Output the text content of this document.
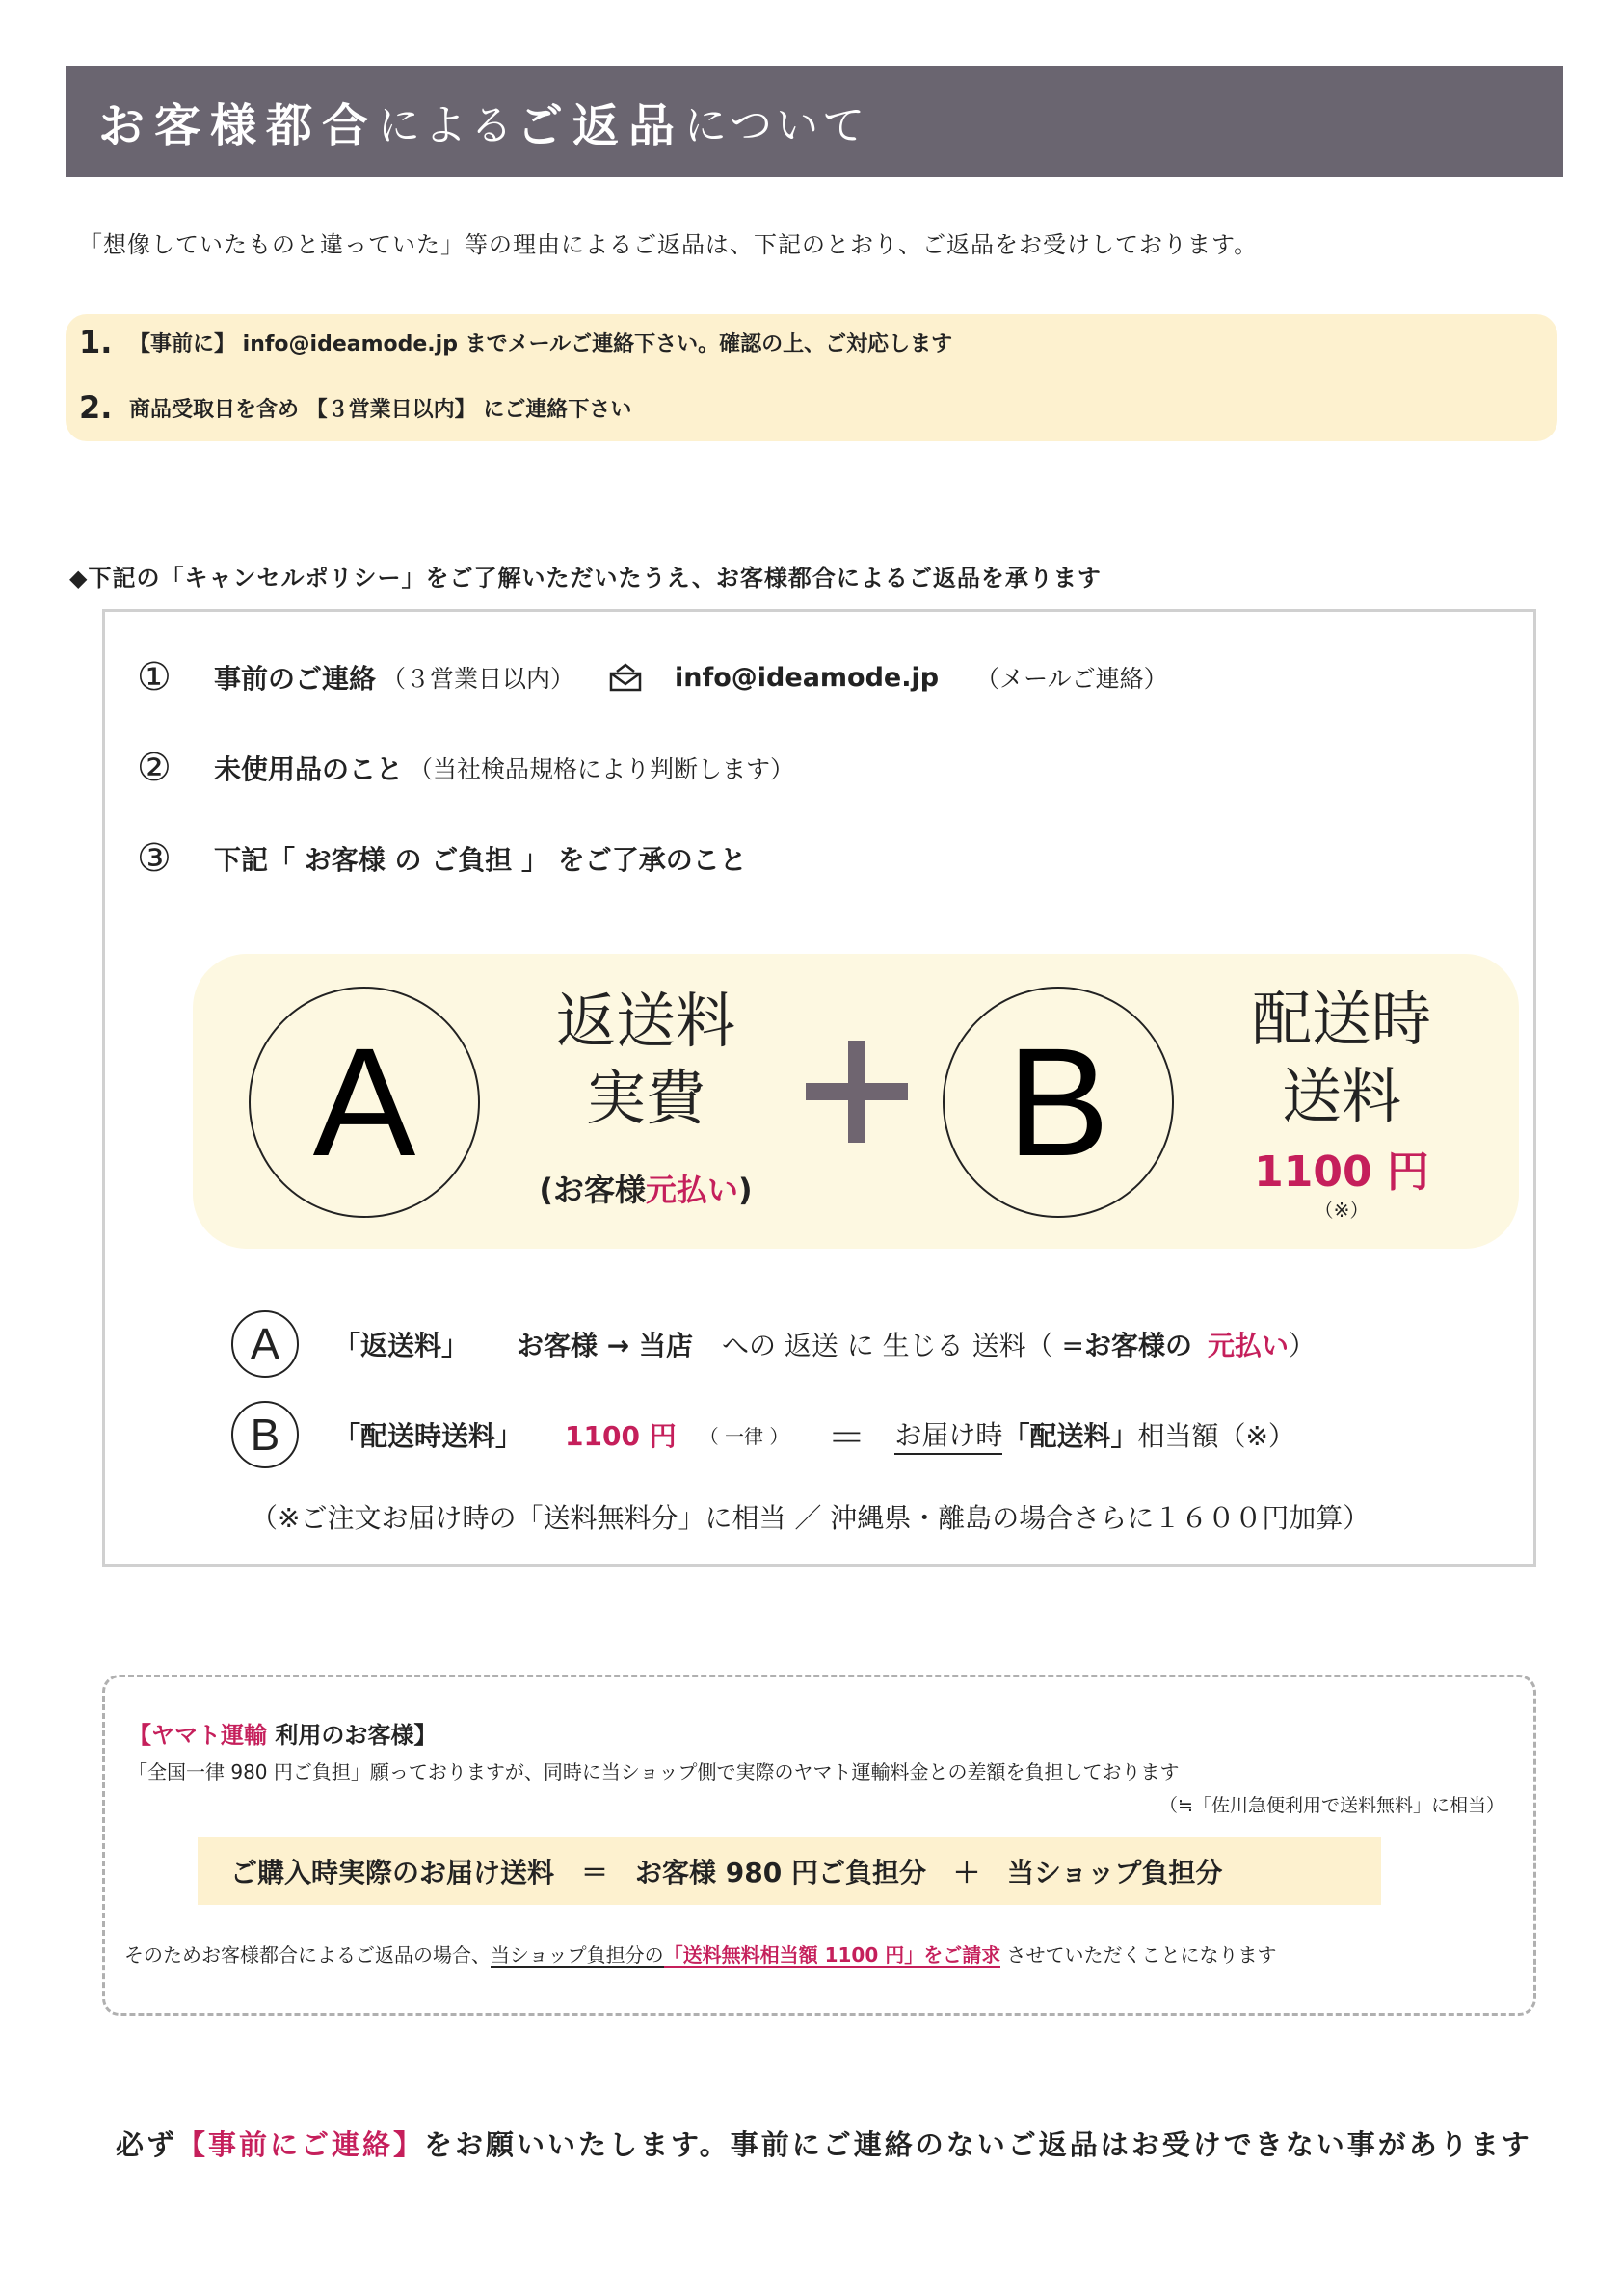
お客様都合 による ご返品 について
「想像していたものと違っていた」等の理由によるご返品は、下記のとおり、ご返品をお受けしております。
1. 【事前に】 info@ideamode.jp までメールご連絡下さい。確認の上、ご対応します
2. 商品受取日を含め 【３営業日以内】 にご連絡下さい
◆下記の「キャンセルポリシー」をご了解いただいたうえ、お客様都合によるご返品を承ります
①	事前のご連絡 （３営業日以内）	info@ideamode.jp （メールご連絡）
②	未使用品のこと （当社検品規格により判断します）
③	下記「 お客様 の ご負担 」 をご了承のこと
A	返送料
実費
(お客様元払い)
B	配送時
送料
1100 円
（※）
A	「返送料」 お客様 → 当店 への 返送 に 生じる 送料（ = お客様の 元払い ）
B	「配送時送料」 1100 円 （ 一律 ） ＝ お届け時 「配送料」 相当額（※）
（※ご注文お届け時の「送料無料分」に相当 ／ 沖縄県・離島の場合さらに１６００円加算）
【ヤマト運輸 利用のお客様】
「全国一律 980 円ご負担」願っておりますが、同時に当ショップ側で実際のヤマト運輸料金との差額を負担しております
（≒「佐川急便利用で送料無料」に相当）
ご購入時実際のお届け送料　＝　お客様 980 円ご負担分　＋　当ショップ負担分
そのためお客様都合によるご返品の場合、当ショップ負担分の「送料無料相当額 1100 円」をご請求 させていただくことになります
必ず【事前にご連絡】をお願いいたします。事前にご連絡のないご返品はお受けできない事があります
